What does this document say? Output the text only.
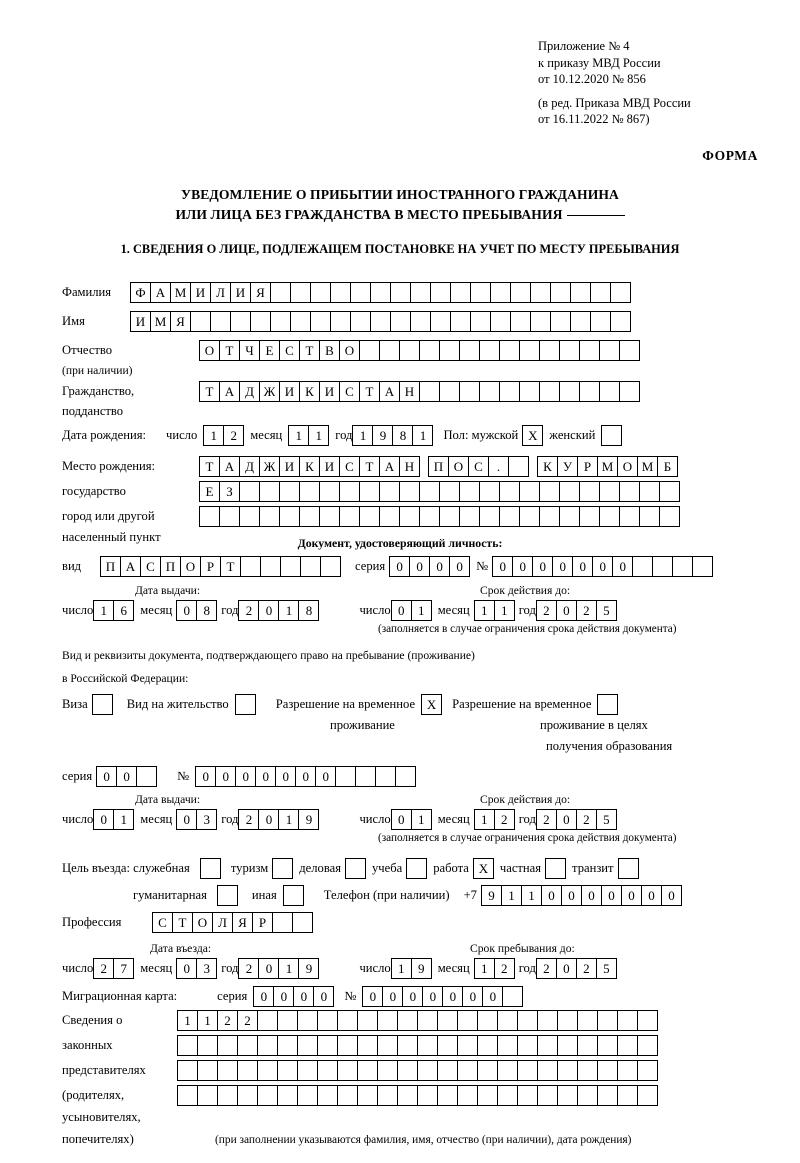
Приложение № 4
к приказу МВД России
от 10.12.2020 № 856
(в ред. Приказа МВД России
от 16.11.2022 № 867)
ФОРМА
УВЕДОМЛЕНИЕ О ПРИБЫТИИ ИНОСТРАННОГО ГРАЖДАНИНА
ИЛИ ЛИЦА БЕЗ ГРАЖДАНСТВА В МЕСТО ПРЕБЫВАНИЯ
1. СВЕДЕНИЯ О ЛИЦЕ, ПОДЛЕЖАЩЕМ ПОСТАНОВКЕ НА УЧЕТ ПО МЕСТУ ПРЕБЫВАНИЯ
Фамилия	Ф А М И Л И Я
Имя	И М Я
Отчество	О Т Ч Е С Т В О
(при наличии)
Гражданство,	Т А Д Ж И К И С Т А Н
подданство
Дата рождения: число	1	2	месяц	1	1	год 1	9	8	1	Пол: мужской X женский
Место рождения:	Т А Д Ж И К И С Т А Н	П О С	.	К У Р М О М Б
государство	Е З
город или другой
населенный пункт	Документ, удостоверяющий личность:
вид	П А С П О Р Т	серия 0	0	0	0	№ 0	0	0	0	0	0	0
Дата выдачи:	Срок действия до:
число 1	6	месяц 0	8 год 2	0	1	8	число 0	1	месяц 1	1 год 2	0	2	5
(заполняется в случае ограничения срока действия документа)
Вид и реквизиты документа, подтверждающего право на пребывание (проживание)
в Российской Федерации:
Виза	Вид на жительство	Разрешение на временное X	Разрешение на временное
проживание	проживание в целях
получения образования
серия 0	0	№	0	0	0	0	0	0	0
Дата выдачи:	Срок действия до:
число 0	1	месяц 0	3 год 2	0	1	9	число 0	1	месяц 1	2 год 2	0	2	5
(заполняется в случае ограничения срока действия документа)
Цель въезда: служебная	туризм деловая учеба работа X частная транзит
гуманитарная	иная	Телефон (при наличии) +7 9	1	1	0	0	0	0	0	0	0
Профессия	С Т О Л Я Р
Дата въезда:	Срок пребывания до:
число 2	7	месяц 0	3 год 2	0	1	9	число 1	9	месяц 1	2 год 2	0	2	5
Миграционная карта:	серия	0	0	0	0	№	0	0	0	0	0	0	0
Сведения о	1	1	2	2
законных
представителях
(родителях,
усыновителях,
попечителях)	(при заполнении указываются фамилия, имя, отчество (при наличии), дата рождения)
